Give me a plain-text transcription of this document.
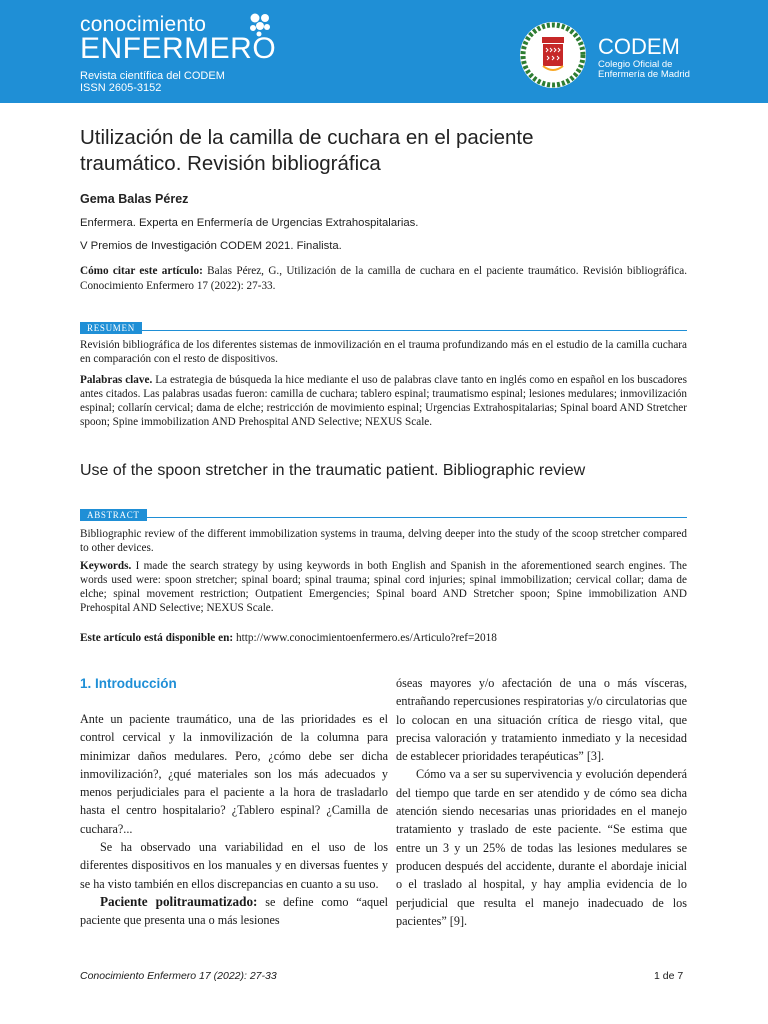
conocimiento
ENFERMERO
Revista científica del CODEM
ISSN 2605-3152
CODEM
Colegio Oficial de
Enfermería de Madrid
Utilización de la camilla de cuchara en el paciente
traumático. Revisión bibliográfica
Gema Balas Pérez
Enfermera. Experta en Enfermería de Urgencias Extrahospitalarias.
V Premios de Investigación CODEM 2021. Finalista.
Cómo citar este artículo: Balas Pérez, G., Utilización de la camilla de cuchara en el paciente traumático. Revisión bibliográfica. Conocimiento Enfermero 17 (2022): 27-33.
RESUMEN

Revisión bibliográfica de los diferentes sistemas de inmovilización en el trauma profundizando más en el estudio de la camilla cuchara en comparación con el resto de dispositivos.

Palabras clave. La estrategia de búsqueda la hice mediante el uso de palabras clave tanto en inglés como en español en los buscadores antes citados. Las palabras usadas fueron: camilla de cuchara; tablero espinal; traumatismo espinal; lesiones medulares; inmovilización espinal; collarín cervical; dama de elche; restricción de movimiento espinal; Urgencias Extrahospitalarias; Spinal board AND Stretcher spoon; Spine immobilization AND Prehospital AND Selective; NEXUS Scale.

Use of the spoon stretcher in the traumatic patient. Bibliographic review
ABSTRACT

Bibliographic review of the different immobilization systems in trauma, delving deeper into the study of the scoop stretcher compared to other devices.

Keywords. I made the search strategy by using keywords in both English and Spanish in the aforementioned search engines. The words used were: spoon stretcher; spinal board; spinal trauma; spinal cord injuries; spinal immobilization; cervical collar; dama de elche; spinal movement restriction; Outpatient Emergencies; Spinal board AND Stretcher spoon; Spine immobilization AND Prehospital AND Selective; NEXUS Scale.

Este artículo está disponible en: http://www.conocimientoenfermero.es/Articulo?ref=2018
1. Introducción

Ante un paciente traumático, una de las prioridades es el control cervical y la inmovilización de la columna para minimizar daños medulares. Pero, ¿cómo debe ser dicha inmovilización?, ¿qué materiales son los más adecuados y menos perjudiciales para el paciente a la hora de trasladarlo hasta el centro hospitalario? ¿Tablero espinal? ¿Camilla de cuchara?...

Se ha observado una variabilidad en el uso de los diferentes dispositivos en los manuales y en diversas fuentes y se ha visto también en ellos discrepancias en cuanto a su uso.

Paciente politraumatizado: se define como “aquel paciente que presenta una o más lesiones

óseas mayores y/o afectación de una o más vísceras, entrañando repercusiones respiratorias y/o circulatorias que lo colocan en una situación crítica de riesgo vital, que precisa valoración y tratamiento inmediato y la necesidad de establecer prioridades terapéuticas” [3].

Cómo va a ser su supervivencia y evolución dependerá del tiempo que tarde en ser atendido y de cómo sea dicha atención siendo necesarias unas prioridades en el manejo tratamiento y traslado de este paciente. “Se estima que entre un 3 y un 25% de todas las lesiones medulares se producen después del accidente, durante el abordaje inicial o el traslado al hospital, y hay amplia evidencia de lo perjudicial que resulta el manejo inadecuado de los pacientes” [9].

Conocimiento Enfermero 17 (2022): 27-33	1 de 7
